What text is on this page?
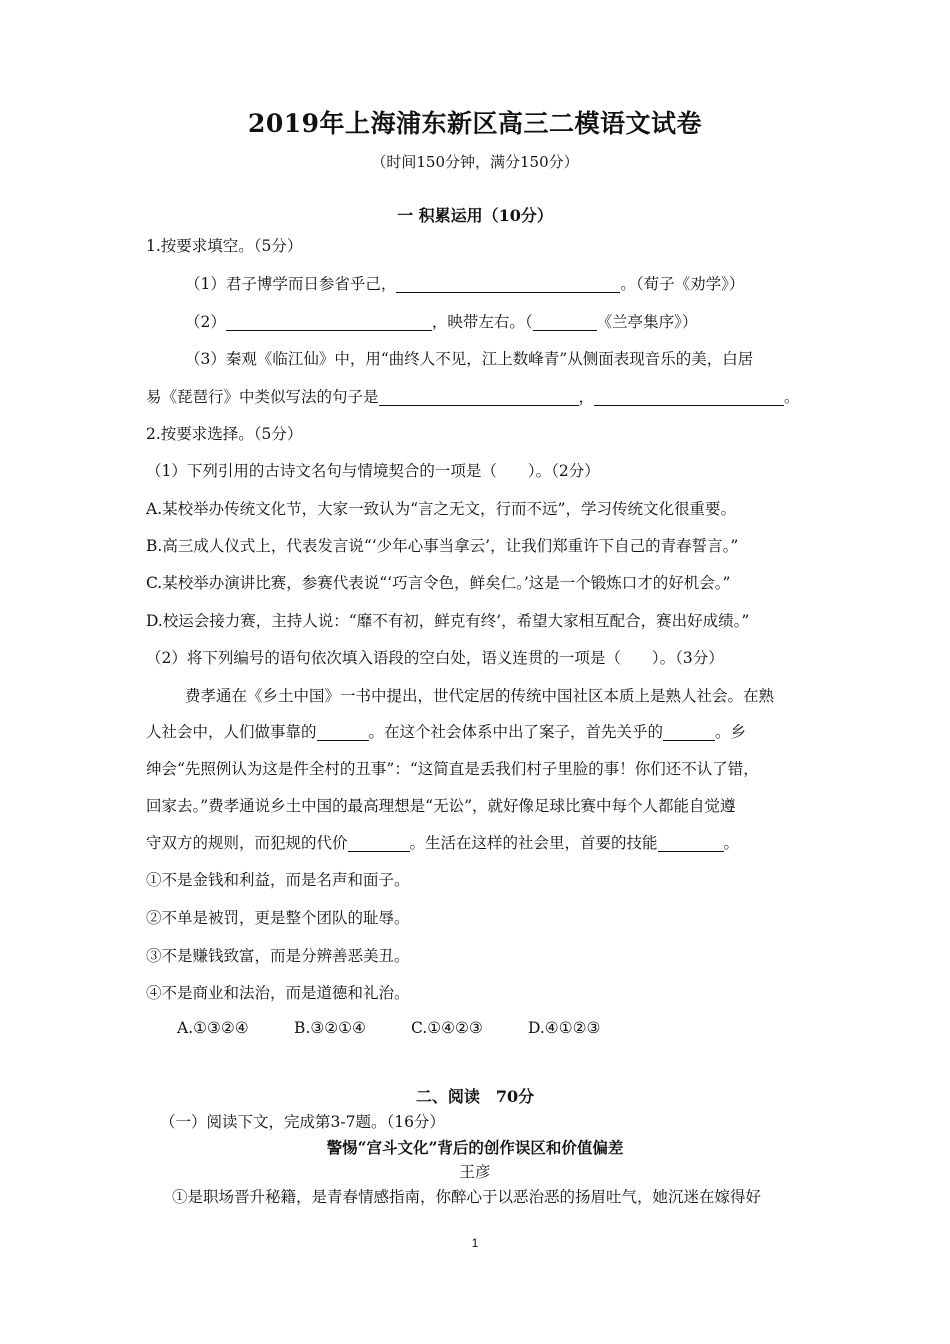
2019年上海浦东新区高三二模语文试卷
（时间150分钟，满分150分）
一 积累运用（10分）
1.按要求填空。（5分）
（1）君子博学而日参省乎己，	。（荀子《劝学》）
（2）	，映带左右。（	《兰亭集序》）
（3）秦观《临江仙》中，用“曲终人不见，江上数峰青”从侧面表现音乐的美，白居
易《琵琶行》中类似写法的句子是	，	。
2.按要求选择。（5分）
（1）下列引用的古诗文名句与情境契合的一项是（　　）。（2分）
A.某校举办传统文化节，大家一致认为“言之无文，行而不远”，学习传统文化很重要。
B.高三成人仪式上，代表发言说“‘少年心事当拿云’，让我们郑重许下自己的青春誓言。”
C.某校举办演讲比赛，参赛代表说“‘巧言令色，鲜矣仁。’这是一个锻炼口才的好机会。”
D.校运会接力赛，主持人说：“靡不有初，鲜克有终’，希望大家相互配合，赛出好成绩。”
（2）将下列编号的语句依次填入语段的空白处，语义连贯的一项是（　　）。（3分）
费孝通在《乡土中国》一书中提出，世代定居的传统中国社区本质上是熟人社会。在熟
人社会中，人们做事靠的	。在这个社会体系中出了案子，首先关乎的	。乡
绅会“先照例认为这是件全村的丑事”：“这简直是丢我们村子里脸的事！你们还不认了错，
回家去。”费孝通说乡土中国的最高理想是“无讼”，就好像足球比赛中每个人都能自觉遵
守双方的规则，而犯规的代价	。生活在这样的社会里，首要的技能	。
①不是金钱和利益，而是名声和面子。
②不单是被罚，更是整个团队的耻辱。
③不是赚钱致富，而是分辨善恶美丑。
④不是商业和法治，而是道德和礼治。
A.①③②④	B.③②①④	C.①④②③	D.④①②③
二、阅读　70分
（一）阅读下文，完成第3-7题。（16分）
警惕“宫斗文化”背后的创作误区和价值偏差
王彦
①是职场晋升秘籍，是青春情感指南，你醉心于以恶治恶的扬眉吐气，她沉迷在嫁得好
1
